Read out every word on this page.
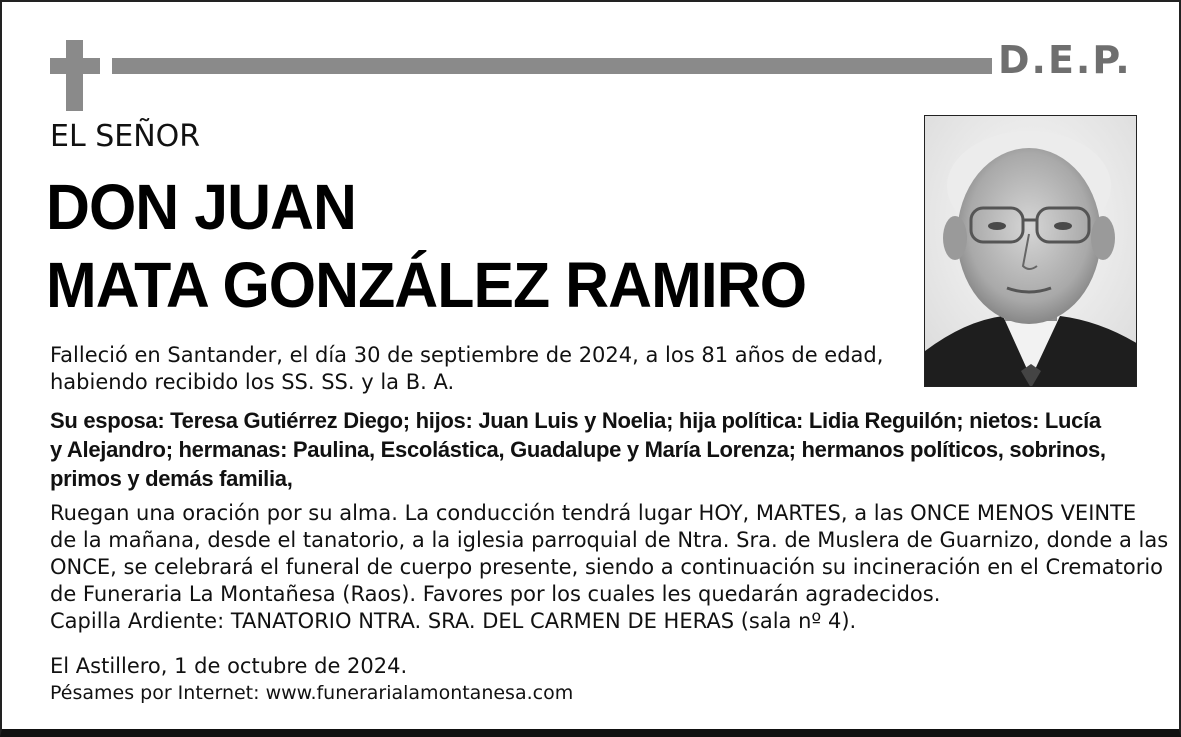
D.E.P.
EL SEÑOR
DON JUAN
MATA GONZÁLEZ RAMIRO
Falleció en Santander, el día 30 de septiembre de 2024, a los 81 años de edad,
habiendo recibido los SS. SS. y la B. A.
Su esposa: Teresa Gutiérrez Diego; hijos: Juan Luis y Noelia; hija política: Lidia Reguilón; nietos: Lucía
y Alejandro; hermanas: Paulina, Escolástica, Guadalupe y María Lorenza; hermanos políticos, sobrinos,
primos y demás familia,
Ruegan una oración por su alma. La conducción tendrá lugar HOY, MARTES, a las ONCE MENOS VEINTE
de la mañana, desde el tanatorio, a la iglesia parroquial de Ntra. Sra. de Muslera de Guarnizo, donde a las
ONCE, se celebrará el funeral de cuerpo presente, siendo a continuación su incineración en el Crematorio
de Funeraria La Montañesa (Raos). Favores por los cuales les quedarán agradecidos.
Capilla Ardiente: TANATORIO NTRA. SRA. DEL CARMEN DE HERAS (sala nº 4).
El Astillero, 1 de octubre de 2024.
Pésames por Internet: www.funerarialamontanesa.com
